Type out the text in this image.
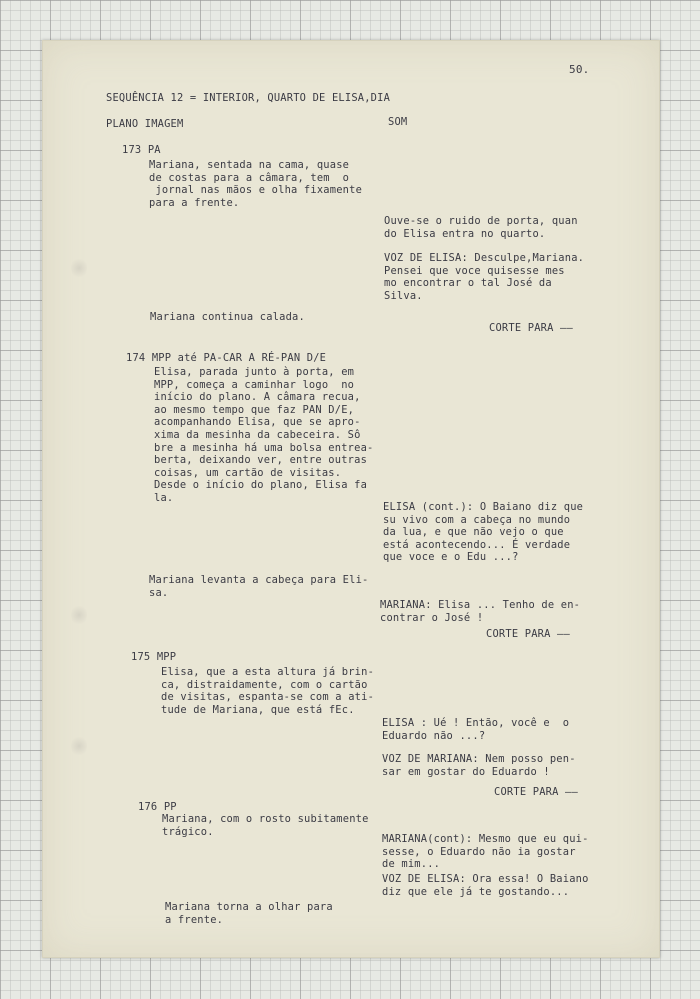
50.

SEQUÊNCIA 12 = INTERIOR, QUARTO DE ELISA,DIA

PLANO IMAGEM	SOM

173 PA

Mariana, sentada na cama, quase
de costas para a câmara, tem  o
jornal nas mãos e olha fixamente
para a frente.

Ouve-se o ruido de porta, quan
do Elisa entra no quarto.

VOZ DE ELISA: Desculpe,Mariana.
Pensei que voce quisesse mes
mo encontrar o tal José da
Silva.

Mariana continua calada.

CORTE PARA ——

174 MPP até PA-CAR A RÉ-PAN D/E

Elisa, parada junto à porta, em
MPP, começa a caminhar logo  no
início do plano. A câmara recua,
ao mesmo tempo que faz PAN D/E,
acompanhando Elisa, que se apro-
xima da mesinha da cabeceira. Sô
bre a mesinha há uma bolsa entrea-
berta, deixando ver, entre outras
coisas, um cartão de visitas.
Desde o início do plano, Elisa fa
la.

ELISA (cont.): O Baiano diz que
su vivo com a cabeça no mundo
da lua, e que não vejo o que
está acontecendo... É verdade
que voce e o Edu ...?

Mariana levanta a cabeça para Eli-
sa.

MARIANA: Elisa ... Tenho de en-
contrar o José !

CORTE PARA ——

175 MPP

Elisa, que a esta altura já brin-
ca, distraidamente, com o cartão
de visitas, espanta-se com a ati-
tude de Mariana, que está fEc.

ELISA : Ué ! Então, você e  o
Eduardo não ...?

VOZ DE MARIANA: Nem posso pen-
sar em gostar do Eduardo !

CORTE PARA ——

176 PP

Mariana, com o rosto subitamente
trágico.

MARIANA(cont): Mesmo que eu qui-
sesse, o Eduardo não ia gostar
de mim...

VOZ DE ELISA: Ora essa! O Baiano
diz que ele já te gostando...

Mariana torna a olhar para
a frente.
